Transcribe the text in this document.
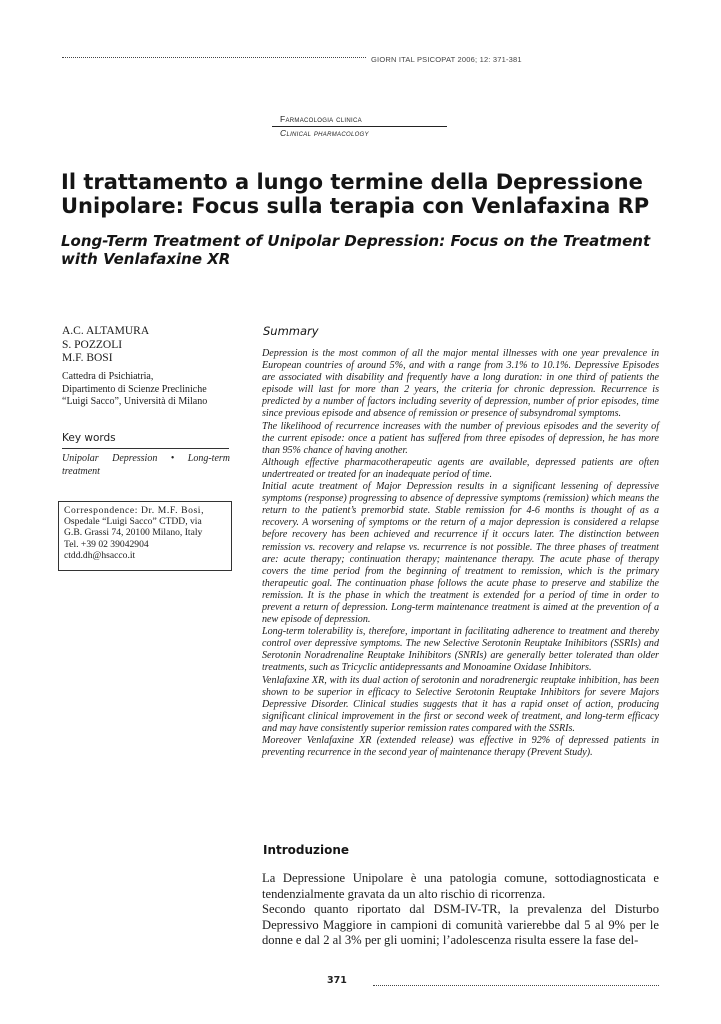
GIORN ITAL PSICOPAT 2006; 12: 371-381
Farmacologia clinica
Clinical pharmacology
Il trattamento a lungo termine della Depressione Unipolare: Focus sulla terapia con Venlafaxina RP
Long-Term Treatment of Unipolar Depression: Focus on the Treatment with Venlafaxine XR
A.C. ALTAMURA
S. POZZOLI
M.F. BOSI
Cattedra di Psichiatria,
Dipartimento di Scienze Precliniche
“Luigi Sacco”, Università di Milano
Key words
Unipolar Depression • Long-term treatment
Correspondence: Dr. M.F. Bosi,
Ospedale “Luigi Sacco” CTDD, via
G.B. Grassi 74, 20100 Milano, Italy
Tel. +39 02 39042904
ctdd.dh@hsacco.it
Summary

Depression is the most common of all the major mental illnesses with one year prevalence in European countries of around 5%, and with a range from 3.1% to 10.1%. Depressive Episodes are associated with disability and frequently have a long duration: in one third of patients the episode will last for more than 2 years, the criteria for chronic depression. Recurrence is predicted by a number of factors including severity of depression, number of prior episodes, time since previous episode and absence of remission or presence of subsyndromal symptoms.

The likelihood of recurrence increases with the number of previous episodes and the severity of the current episode: once a patient has suffered from three episodes of depression, he has more than 95% chance of having another.

Although effective pharmacotherapeutic agents are available, depressed patients are often undertreated or treated for an inadequate period of time.

Initial acute treatment of Major Depression results in a significant lessening of depressive symptoms (response) progressing to absence of depressive symptoms (remission) which means the return to the patient’s premorbid state. Stable remission for 4-6 months is thought of as a recovery. A worsening of symptoms or the return of a major depression is considered a relapse before recovery has been achieved and recurrence if it occurs later. The distinction between remission vs. recovery and relapse vs. recurrence is not possible. The three phases of treatment are: acute therapy; continuation therapy; maintenance therapy. The acute phase of therapy covers the time period from the beginning of treatment to remission, which is the primary therapeutic goal. The continuation phase follows the acute phase to preserve and stabilize the remission. It is the phase in which the treatment is extended for a period of time in order to prevent a return of depression. Long-term maintenance treatment is aimed at the prevention of a new episode of depression.

Long-term tolerability is, therefore, important in facilitating adherence to treatment and thereby control over depressive symptoms. The new Selective Serotonin Reuptake Inihibitors (SSRIs) and Serotonin Noradrenaline Reuptake Inihibitors (SNRIs) are generally better tolerated than older treatments, such as Tricyclic antidepressants and Monoamine Oxidase Inhibitors.

Venlafaxine XR, with its dual action of serotonin and noradrenergic reuptake inhibition, has been shown to be superior in efficacy to Selective Serotonin Reuptake Inhibitors for severe Majors Depressive Disorder. Clinical studies suggests that it has a rapid onset of action, producing significant clinical improvement in the first or second week of treatment, and long-term efficacy and may have consistently superior remission rates compared with the SSRIs.

Moreover Venlafaxine XR (extended release) was effective in 92% of depressed patients in preventing recurrence in the second year of maintenance therapy (Prevent Study).

Introduzione

La Depressione Unipolare è una patologia comune, sottodiagnosticata e tendenzialmente gravata da un alto rischio di ricorrenza.

Secondo quanto riportato dal DSM-IV-TR, la prevalenza del Disturbo Depressivo Maggiore in campioni di comunità varierebbe dal 5 al 9% per le donne e dal 2 al 3% per gli uomini; l’adolescenza risulta essere la fase del-

371
